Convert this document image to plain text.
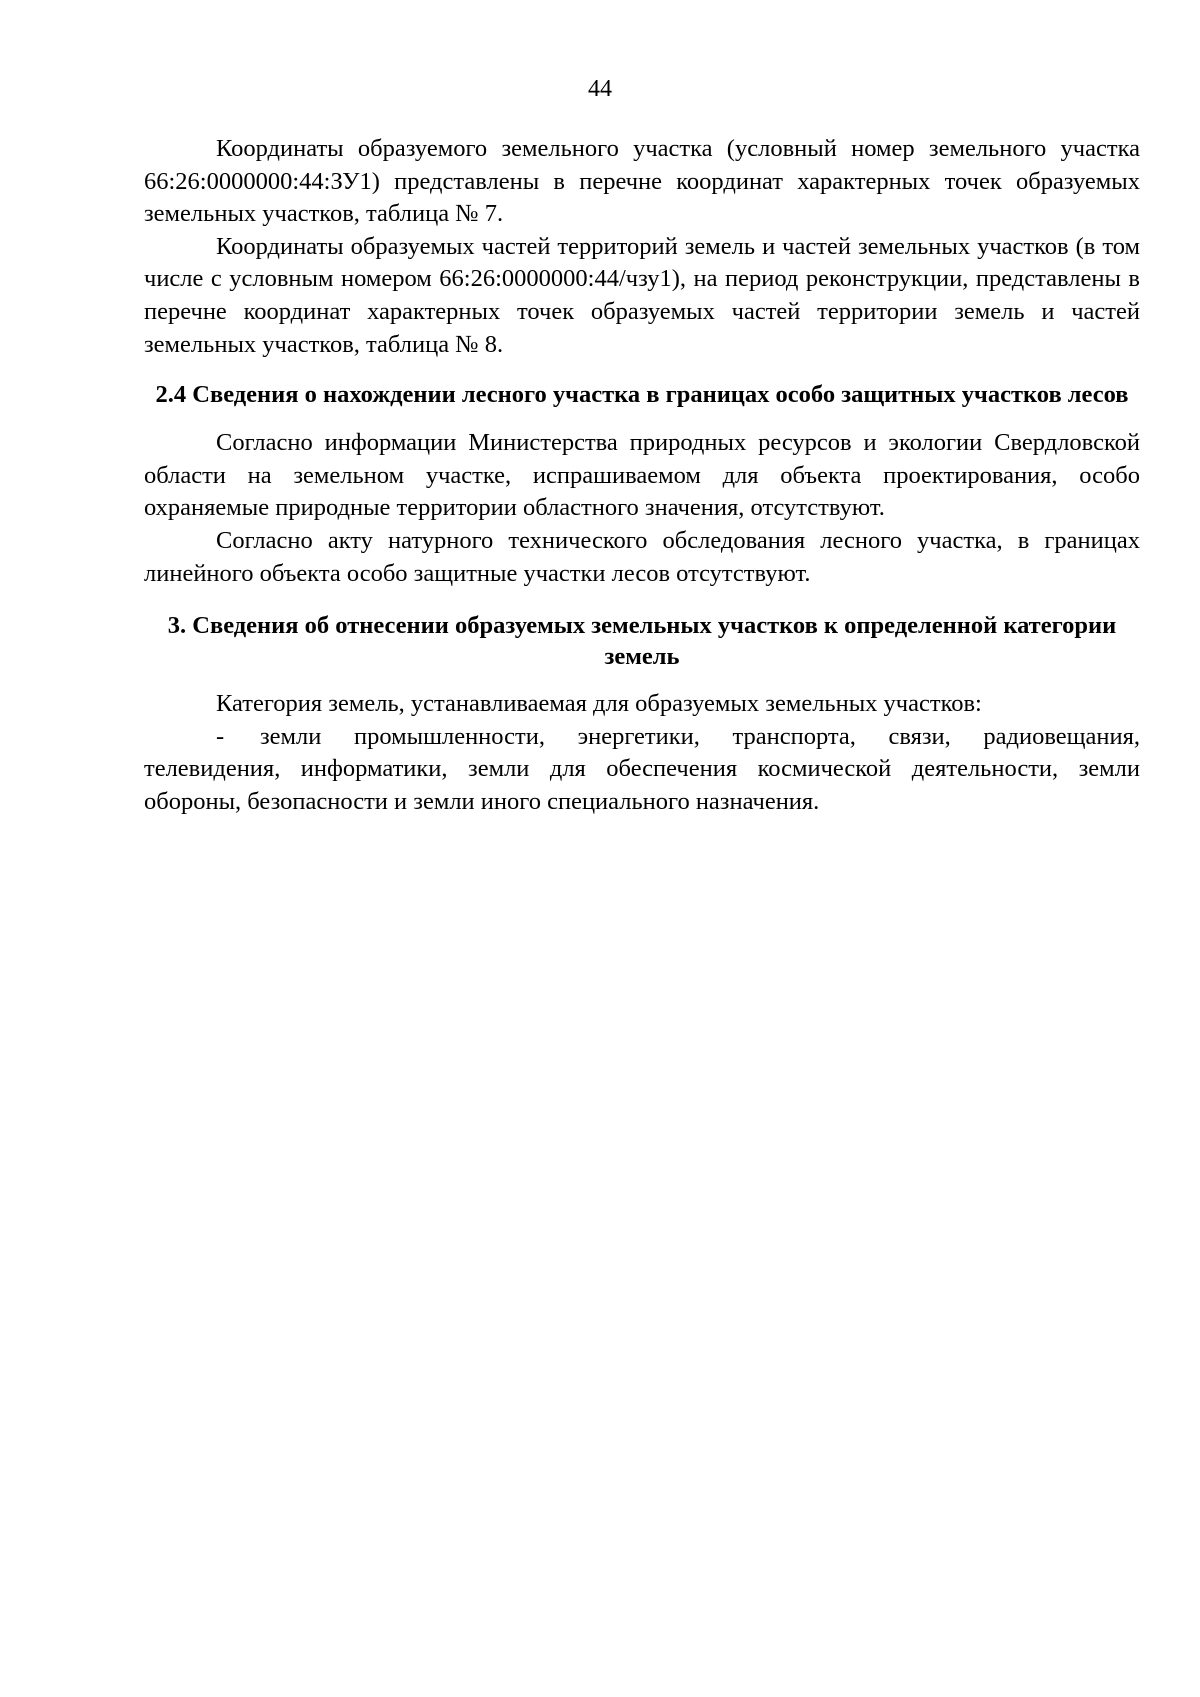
44

Координаты образуемого земельного участка (условный номер земельного участка 66:26:0000000:44:ЗУ1) представлены в перечне координат характерных точек образуемых земельных участков, таблица № 7.

Координаты образуемых частей территорий земель и частей земельных участков (в том числе с условным номером 66:26:0000000:44/чзу1), на период реконструкции, представлены в перечне координат характерных точек образуемых частей территории земель и частей земельных участков, таблица № 8.

2.4 Сведения о нахождении лесного участка в границах особо защитных участков лесов

Согласно информации Министерства природных ресурсов и экологии Свердловской области на земельном участке, испрашиваемом для объекта проектирования, особо охраняемые природные территории областного значения, отсутствуют.

Согласно акту натурного технического обследования лесного участка, в границах линейного объекта особо защитные участки лесов отсутствуют.

3. Сведения об отнесении образуемых земельных участков к определенной категории земель

Категория земель, устанавливаемая для образуемых земельных участков:

- земли промышленности, энергетики, транспорта, связи, радиовещания, телевидения, информатики, земли для обеспечения космической деятельности, земли обороны, безопасности и земли иного специального назначения.
